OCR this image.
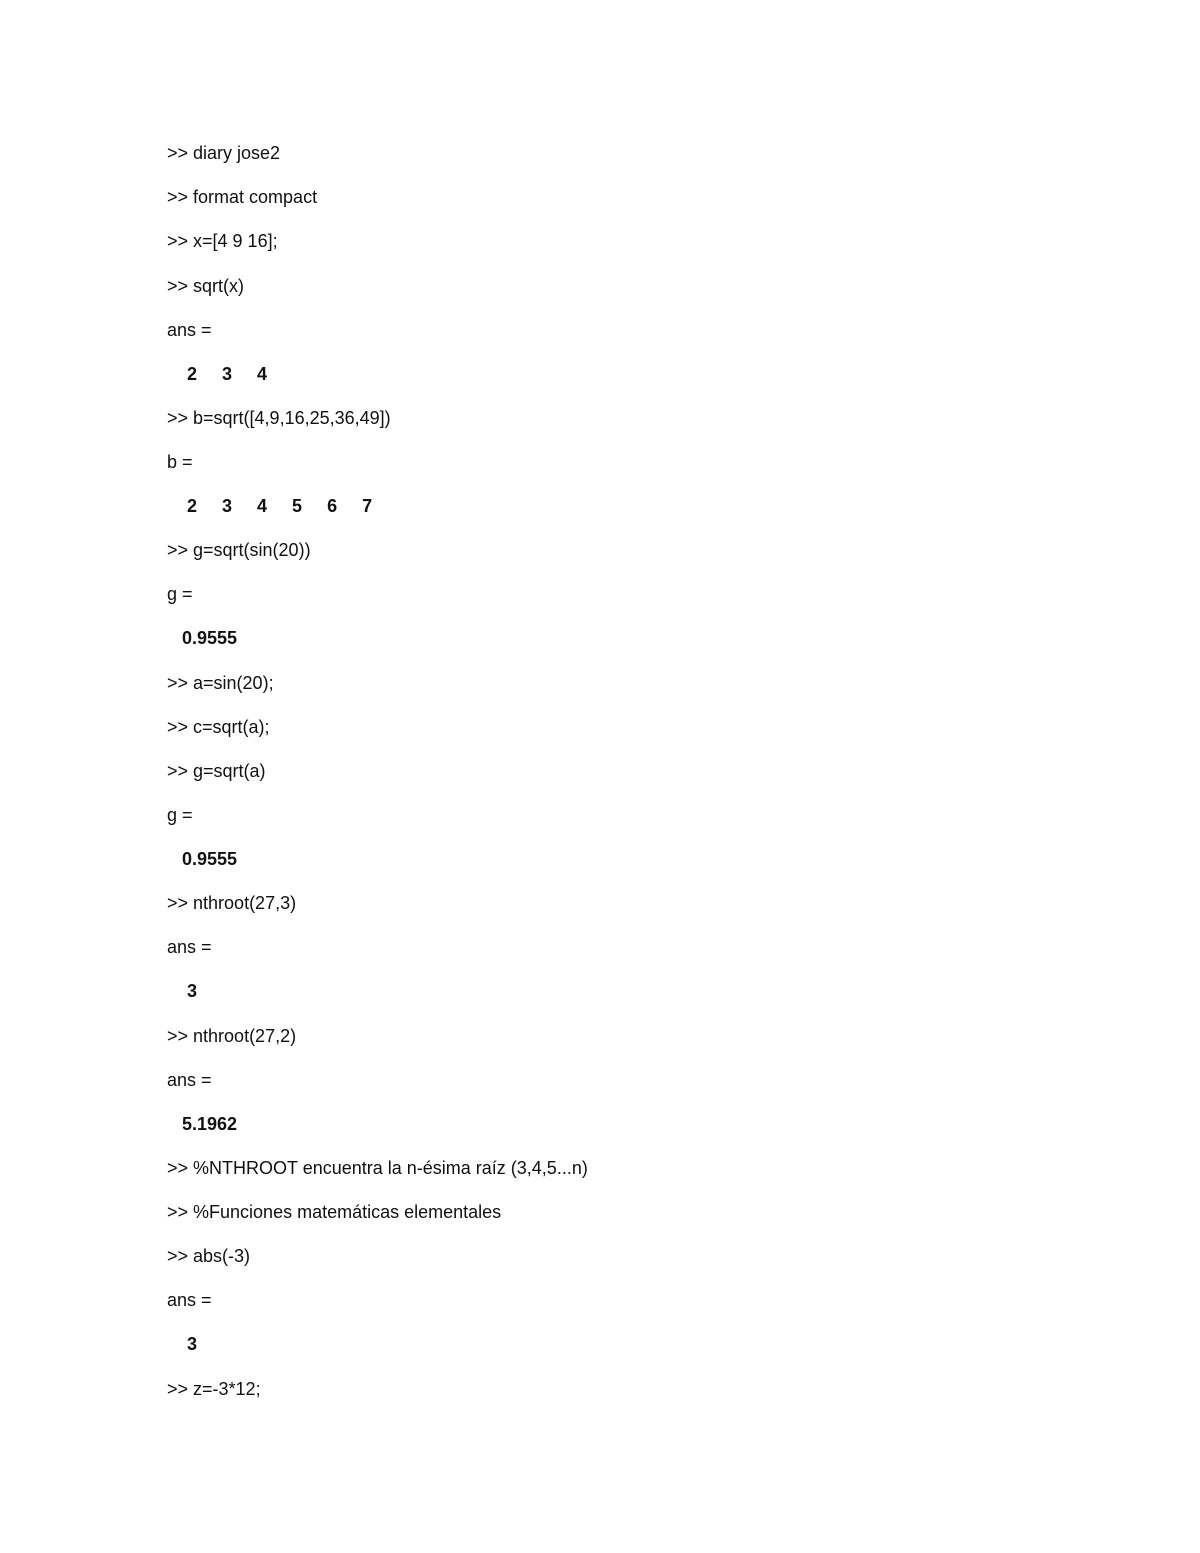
>> diary jose2
>> format compact
>> x=[4 9 16];
>> sqrt(x)
ans =
2     3     4
>> b=sqrt([4,9,16,25,36,49])
b =
2     3     4     5     6     7
>> g=sqrt(sin(20))
g =
0.9555
>> a=sin(20);
>> c=sqrt(a);
>> g=sqrt(a)
g =
0.9555
>> nthroot(27,3)
ans =
3
>> nthroot(27,2)
ans =
5.1962
>> %NTHROOT encuentra la n-ésima raíz (3,4,5...n)
>> %Funciones matemáticas elementales
>> abs(-3)
ans =
3
>> z=-3*12;
